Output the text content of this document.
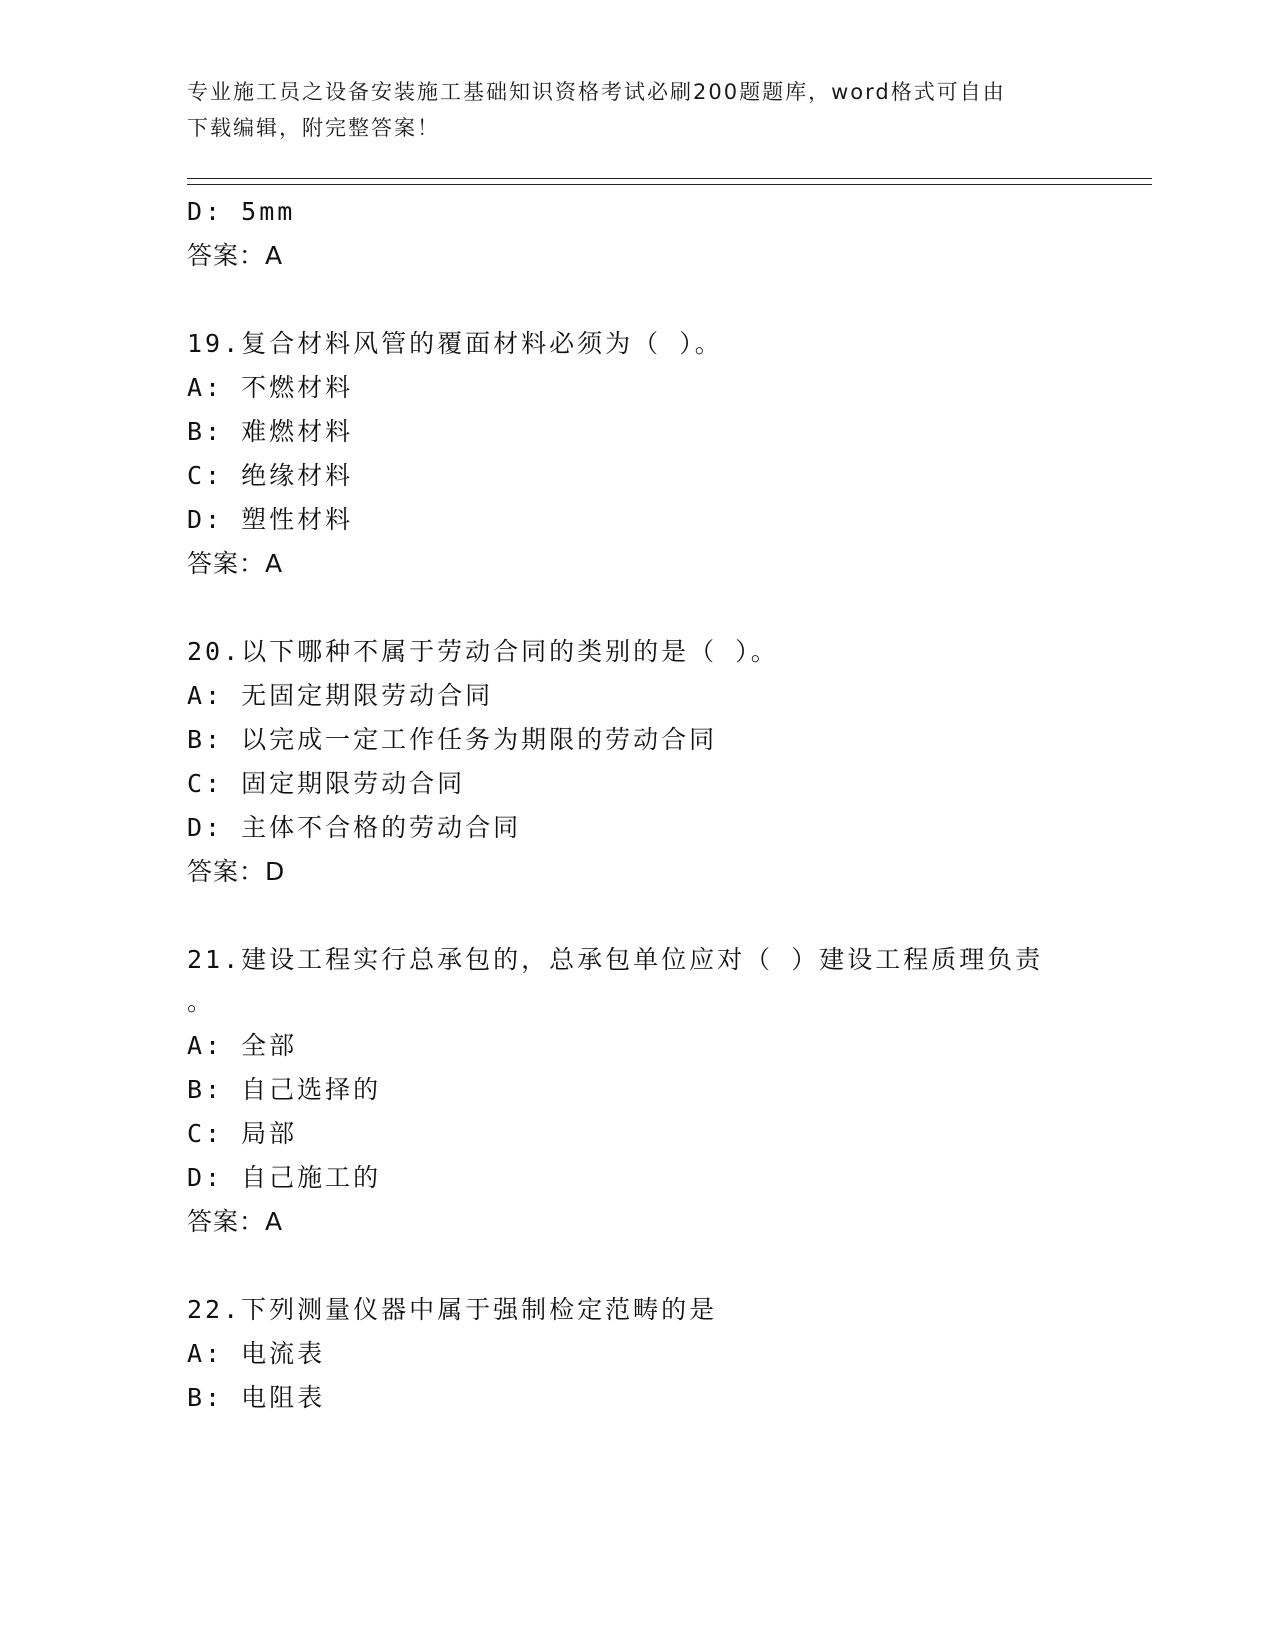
专业施工员之设备安装施工基础知识资格考试必刷200题题库，word格式可自由
下载编辑，附完整答案！
D: 5mm
答案：A
19.复合材料风管的覆面材料必须为（ ）。
A: 不燃材料
B: 难燃材料
C: 绝缘材料
D: 塑性材料
答案：A
20.以下哪种不属于劳动合同的类别的是（ ）。
A: 无固定期限劳动合同
B: 以完成一定工作任务为期限的劳动合同
C: 固定期限劳动合同
D: 主体不合格的劳动合同
答案：D
21.建设工程实行总承包的，总承包单位应对（ ）建设工程质理负责
。
A: 全部
B: 自己选择的
C: 局部
D: 自己施工的
答案：A
22.下列测量仪器中属于强制检定范畴的是
A: 电流表
B: 电阻表
